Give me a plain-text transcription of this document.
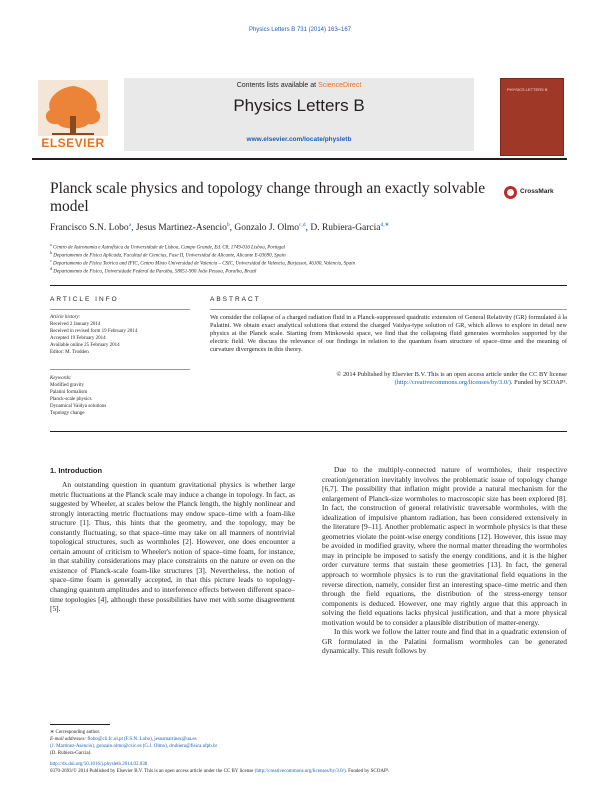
Physics Letters B 731 (2014) 163–167
ELSEVIER
Contents lists available at ScienceDirect
Physics Letters B
www.elsevier.com/locate/physletb
PHYSICS LETTERS B
Planck scale physics and topology change through an exactly solvable model
CrossMark
Francisco S.N. Lobo$^a$, Jesus Martinez-Asencio$^b$, Gonzalo J. Olmo$^{c,d}$, D. Rubiera-Garcia$^{d,∗}$
$^a$ Centro de Astronomia e Astrofísica da Universidade de Lisboa, Campo Grande, Ed. C8, 1749-016 Lisboa, Portugal
$^b$ Departamento de Física Aplicada, Facultad de Ciencias, Fase II, Universidad de Alicante, Alicante E-03690, Spain
$^c$ Departamento de Física Teórica and IFIC, Centro Mixto Universidad de Valencia – CSIC, Universidad de Valencia, Burjassot, 46100, Valencia, Spain
$^d$ Departamento de Física, Universidade Federal da Paraíba, 58051-900 João Pessoa, Paraíba, Brazil
ARTICLE INFO
Article history:
Received 2 January 2014
Received in revised form 19 February 2014
Accepted 19 February 2014
Available online 25 February 2014
Editor: M. Trodden
Keywords:
Modified gravity
Palatini formalism
Planck-scale physics
Dynamical Vaidya solutions
Topology change
ABSTRACT
We consider the collapse of a charged radiation fluid in a Planck-suppressed quadratic extension of General Relativity (GR) formulated à la Palatini. We obtain exact analytical solutions that extend the charged Vaidya-type solution of GR, which allows to explore in detail new physics at the Planck scale. Starting from Minkowski space, we find that the collapsing fluid generates wormholes supported by the electric field. We discuss the relevance of our findings in relation to the quantum foam structure of space–time and the meaning of curvature divergences in this theory.
© 2014 Published by Elsevier B.V. This is an open access article under the CC BY license
(http://creativecommons.org/licenses/by/3.0/). Funded by SCOAP³.
1. Introduction

An outstanding question in quantum gravitational physics is whether large metric fluctuations at the Planck scale may induce a change in topology. In fact, as suggested by Wheeler, at scales below the Planck length, the highly nonlinear and strongly interacting metric fluctuations may endow space–time with a foam-like structure [1]. Thus, this hints that the geometry, and the topology, may be constantly fluctuating, so that space–time may take on all manners of nontrivial topological structures, such as wormholes [2]. However, one does encounter a certain amount of criticism to Wheeler's notion of space–time foam, for instance, in that stability considerations may place constraints on the nature or even on the existence of Planck-scale foam-like structures [3]. Nevertheless, the notion of space–time foam is generally accepted, in that this picture leads to topology-changing quantum amplitudes and to interference effects between different space–time topologies [4], although these possibilities have met with some disagreement [5].

Due to the multiply-connected nature of wormholes, their respective creation/generation inevitably involves the problematic issue of topology change [6,7]. The possibility that inflation might provide a natural mechanism for the enlargement of Planck-size wormholes to macroscopic size has been explored [8]. In fact, the construction of general relativistic traversable wormholes, with the idealization of impulsive phantom radiation, has been considered extensively in the literature [9–11]. Another problematic aspect in wormhole physics is that these geometries violate the point-wise energy conditions [12]. However, this issue may be avoided in modified gravity, where the normal matter threading the wormholes may in principle be imposed to satisfy the energy conditions, and it is the higher order curvature terms that sustain these geometries [13]. In fact, the general approach to wormhole physics is to run the gravitational field equations in the reverse direction, namely, consider first an interesting space–time metric and then through the field equations, the distribution of the stress-energy tensor components is deduced. However, one may rightly argue that this approach in solving the field equations lacks physical justification, and that a more physical motivation would be to consider a plausible distribution of matter-energy.

In this work we follow the latter route and find that in a quadratic extension of GR formulated in the Palatini formalism wormholes can be generated dynamically. This result follows by

∗ Corresponding author.
E-mail addresses: flobo@cii.fc.ul.pt (F.S.N. Lobo), jesusmartinez@ua.es
(J. Martinez-Asencio), gonzalo.olmo@csic.es (G.J. Olmo), drubiera@fisica.ufpb.br
(D. Rubiera-Garcia).
http://dx.doi.org/10.1016/j.physletb.2014.02.038
0370-2693/© 2014 Published by Elsevier B.V. This is an open access article under the CC BY license (http://creativecommons.org/licenses/by/3.0/). Funded by SCOAP³.
